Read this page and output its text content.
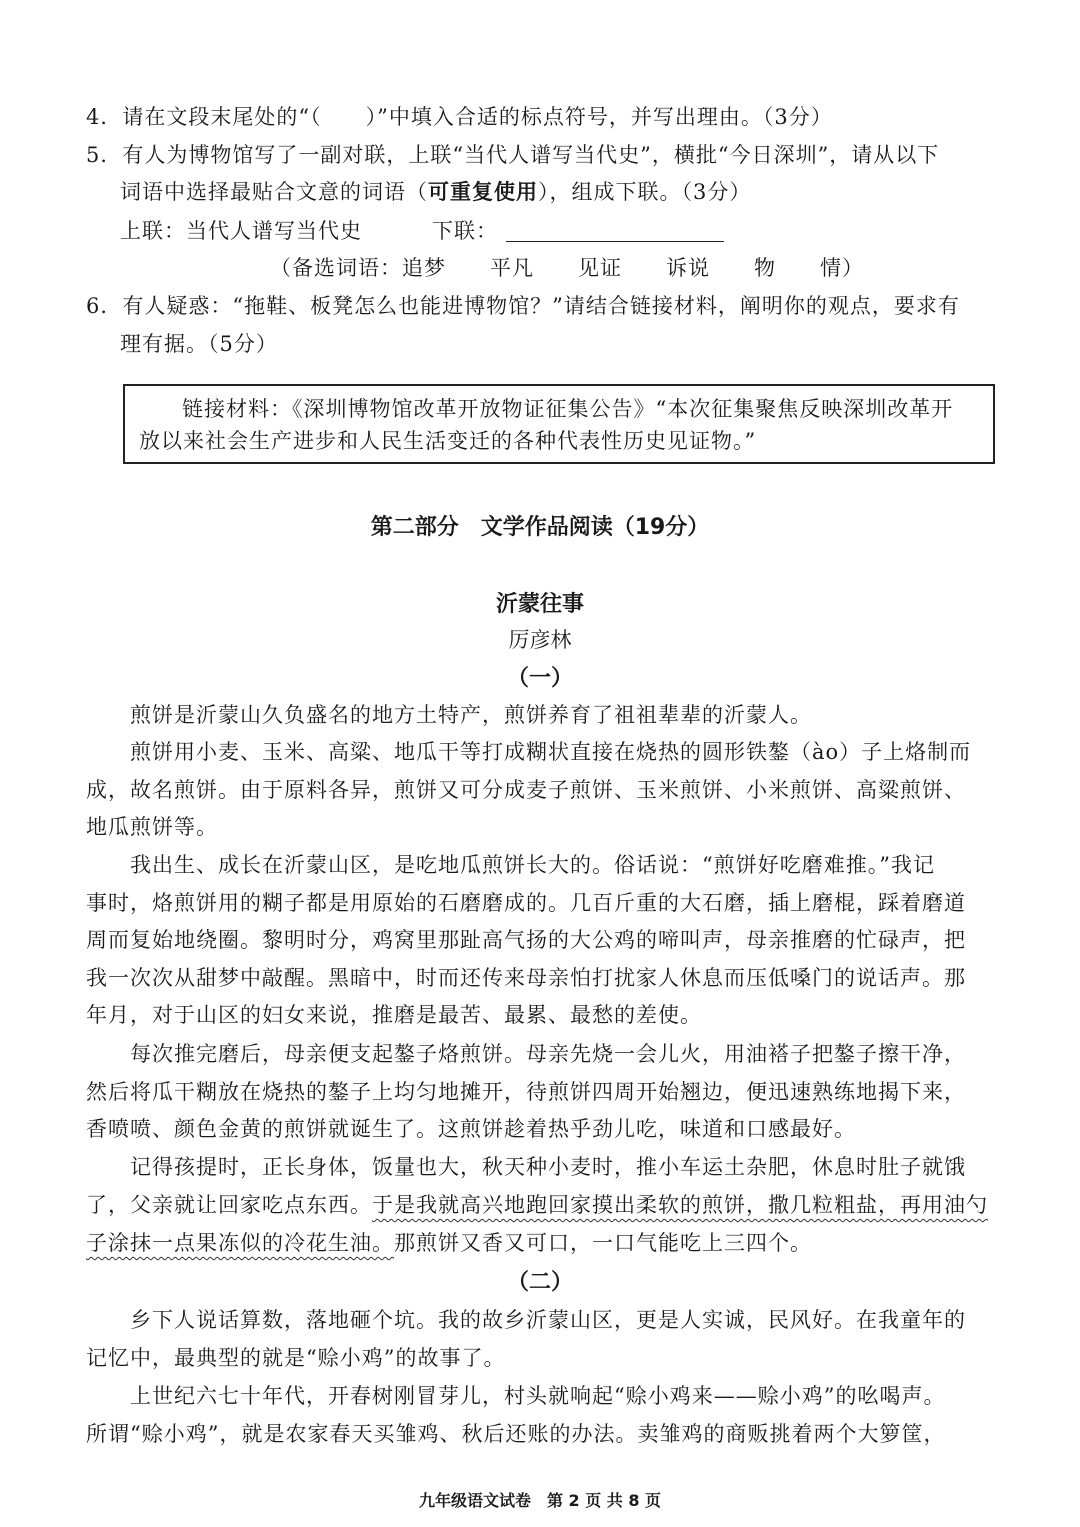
4．请在文段末尾处的“（　　）”中填入合适的标点符号，并写出理由。（3分）
5．有人为博物馆写了一副对联，上联“当代人谱写当代史”，横批“今日深圳”，请从以下
词语中选择最贴合文意的词语（可重复使用），组成下联。（3分）
上联：当代人谱写当代史	下联：
（备选词语：追梦　　平凡　　见证　　诉说　　物　　情）
6．有人疑惑：“拖鞋、板凳怎么也能进博物馆？”请结合链接材料，阐明你的观点，要求有
理有据。（5分）
链接材料：《深圳博物馆改革开放物证征集公告》“本次征集聚焦反映深圳改革开
放以来社会生产进步和人民生活变迁的各种代表性历史见证物。”
第二部分　文学作品阅读（19分）
沂蒙往事
厉彦林
（一）
煎饼是沂蒙山久负盛名的地方土特产，煎饼养育了祖祖辈辈的沂蒙人。
煎饼用小麦、玉米、高粱、地瓜干等打成糊状直接在烧热的圆形铁鏊（ào）子上烙制而
成，故名煎饼。由于原料各异，煎饼又可分成麦子煎饼、玉米煎饼、小米煎饼、高粱煎饼、
地瓜煎饼等。
我出生、成长在沂蒙山区，是吃地瓜煎饼长大的。俗话说：“煎饼好吃磨难推。”我记
事时，烙煎饼用的糊子都是用原始的石磨磨成的。几百斤重的大石磨，插上磨棍，踩着磨道
周而复始地绕圈。黎明时分，鸡窝里那趾高气扬的大公鸡的啼叫声，母亲推磨的忙碌声，把
我一次次从甜梦中敲醒。黑暗中，时而还传来母亲怕打扰家人休息而压低嗓门的说话声。那
年月，对于山区的妇女来说，推磨是最苦、最累、最愁的差使。
每次推完磨后，母亲便支起鏊子烙煎饼。母亲先烧一会儿火，用油褡子把鏊子擦干净，
然后将瓜干糊放在烧热的鏊子上均匀地摊开，待煎饼四周开始翘边，便迅速熟练地揭下来，
香喷喷、颜色金黄的煎饼就诞生了。这煎饼趁着热乎劲儿吃，味道和口感最好。
记得孩提时，正长身体，饭量也大，秋天种小麦时，推小车运土杂肥，休息时肚子就饿
了，父亲就让回家吃点东西。于是我就高兴地跑回家摸出柔软的煎饼，撒几粒粗盐，再用油勺
子涂抹一点果冻似的冷花生油。那煎饼又香又可口，一口气能吃上三四个。
（二）
乡下人说话算数，落地砸个坑。我的故乡沂蒙山区，更是人实诚，民风好。在我童年的
记忆中，最典型的就是“赊小鸡”的故事了。
上世纪六七十年代，开春树刚冒芽儿，村头就响起“赊小鸡来——赊小鸡”的吆喝声。
所谓“赊小鸡”，就是农家春天买雏鸡、秋后还账的办法。卖雏鸡的商贩挑着两个大箩筐，
九年级语文试卷　第 2 页 共 8 页
